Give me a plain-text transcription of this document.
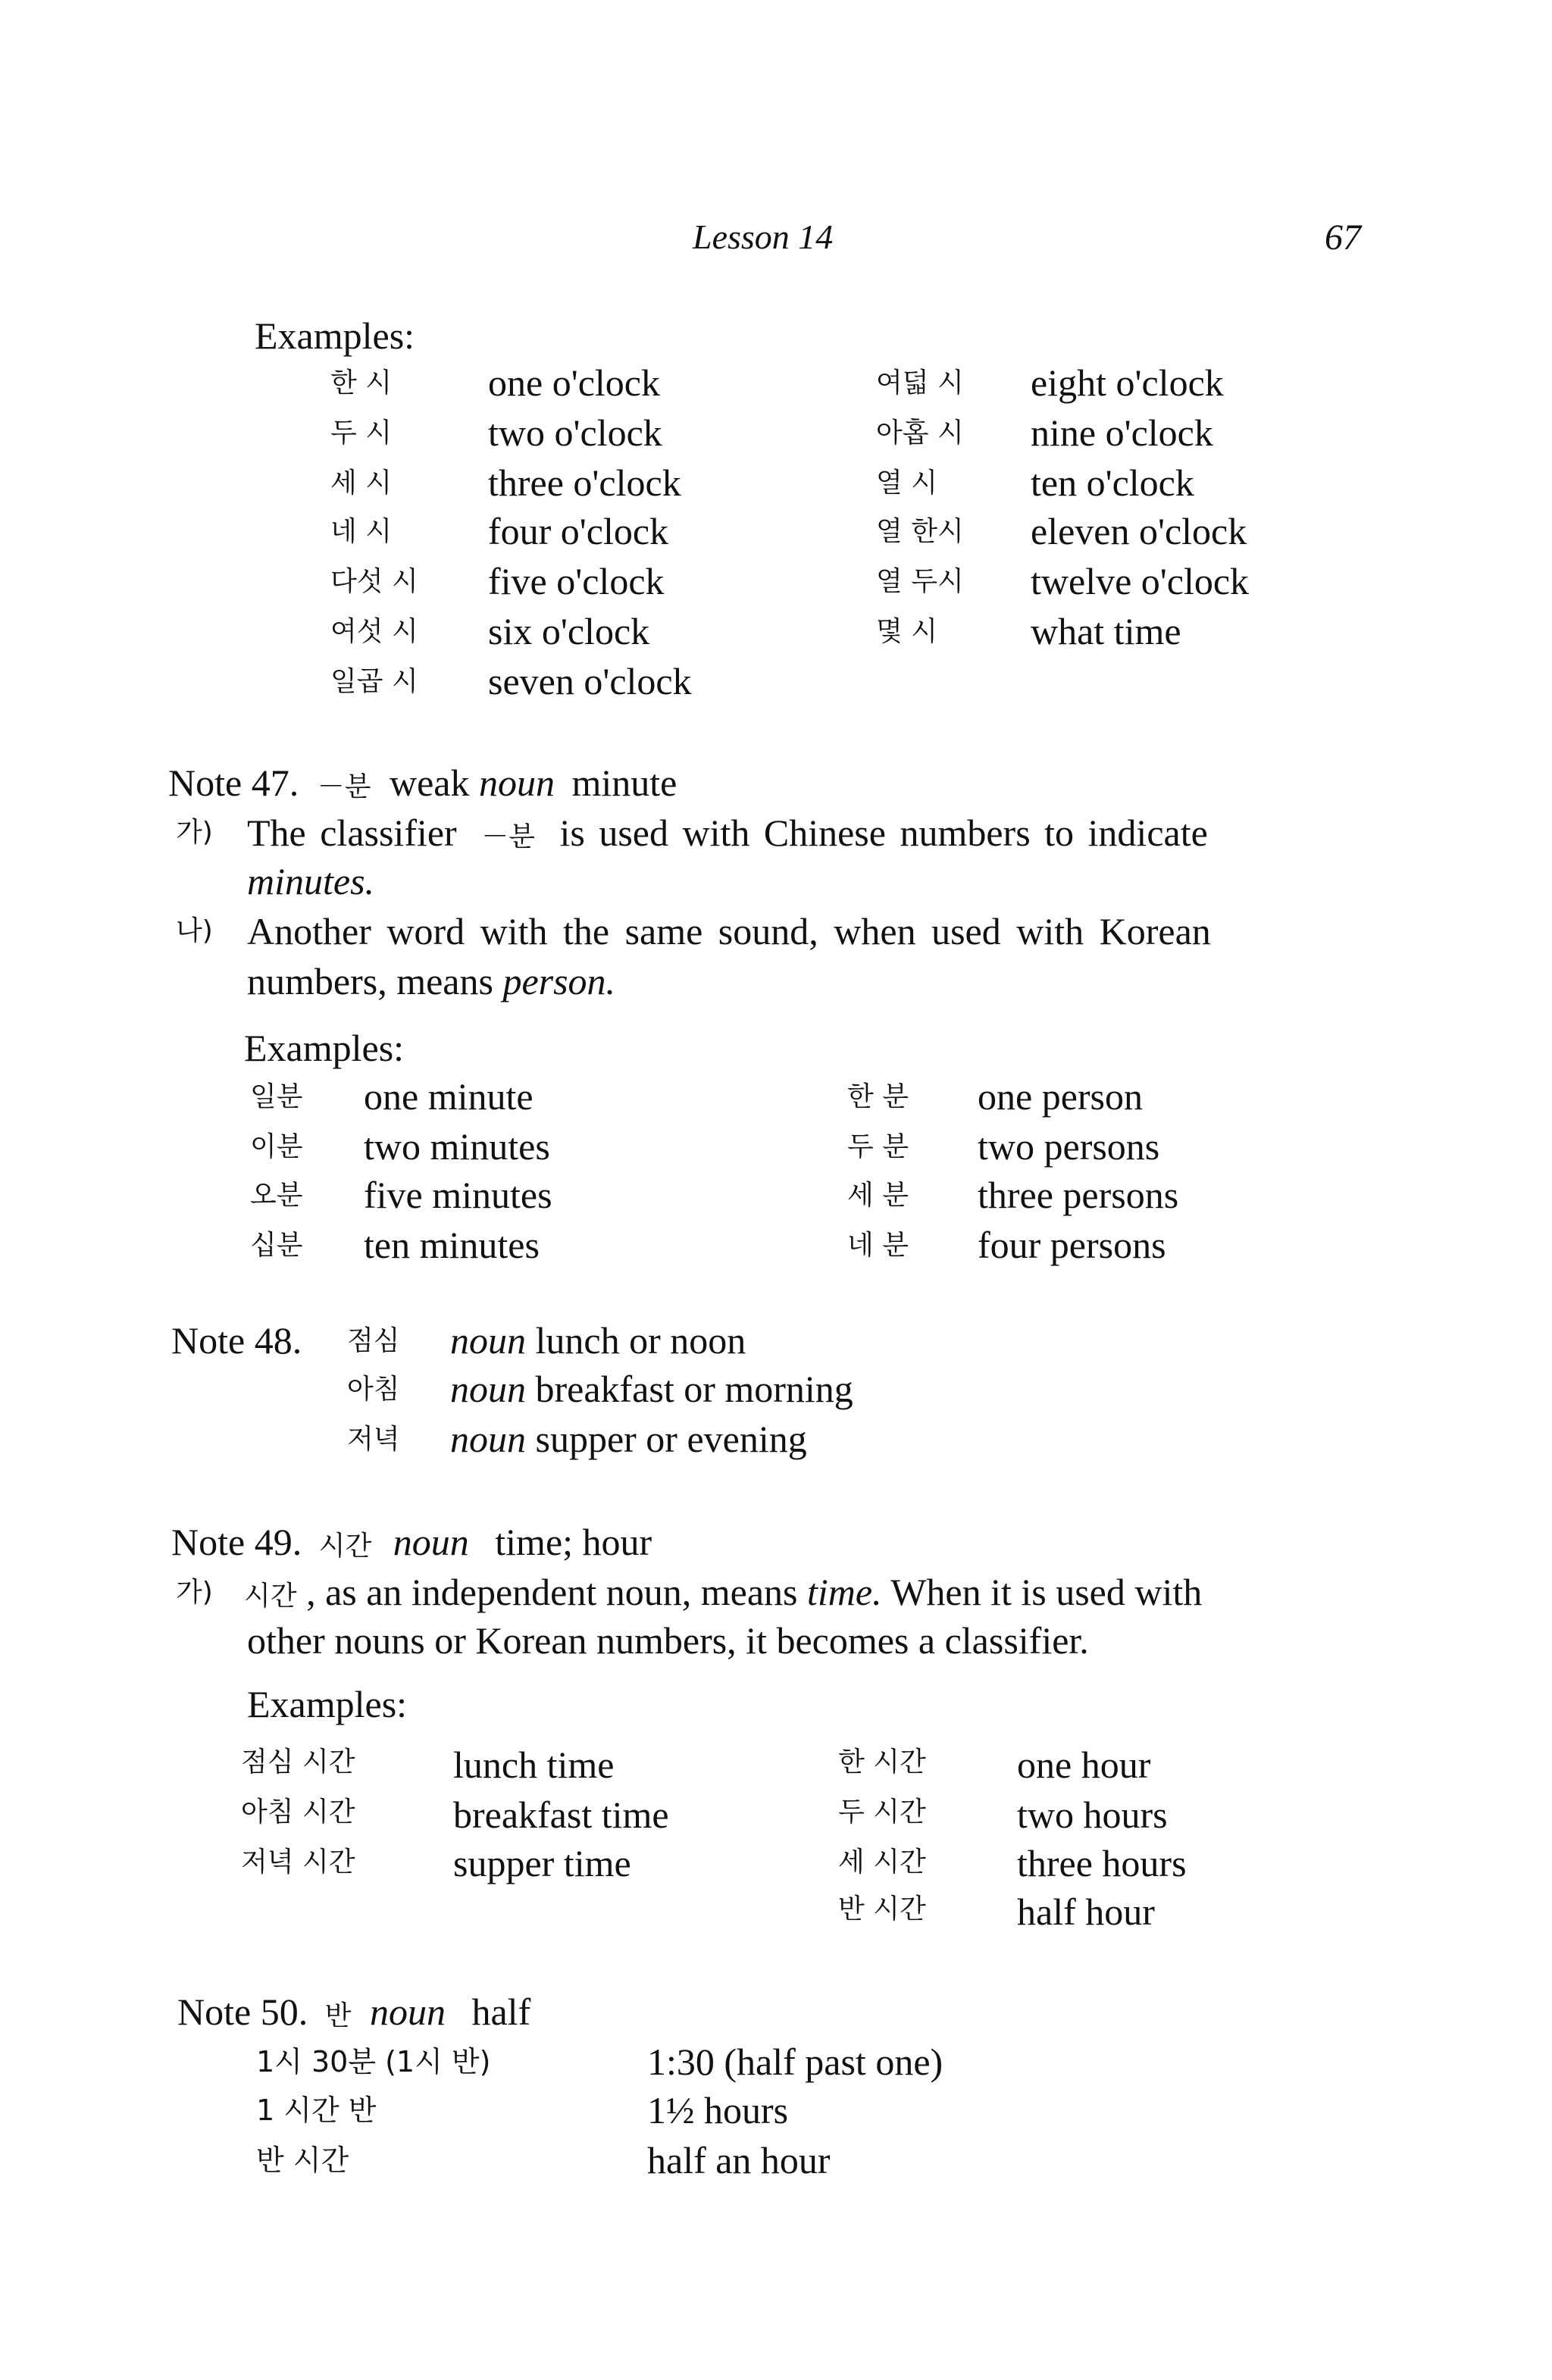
Lesson 14	67
Examples:
한 시	one o'clock
두 시	two o'clock
세 시	three o'clock
네 시	four o'clock
다섯 시 five o'clock
여섯 시 six o'clock
일곱 시 seven o'clock
여덟 시 eight o'clock
아홉 시 nine o'clock
열 시 ten o'clock
열 한시 eleven o'clock
열 두시 twelve o'clock
몇 시 what time
Note 47. －분 weak noun minute
가) The classifier －분 is used with Chinese numbers to indicate
minutes.
나) Another word with the same sound, when used with Korean
numbers, means person.
Examples:
일분 one minute
이분 two minutes
오분 five minutes
십분 ten minutes
한 분 one person
두 분 two persons
세 분 three persons
네 분 four persons
Note 48. 점심 noun lunch or noon
아침 noun breakfast or morning
저녁 noun supper or evening
Note 49. 시간 noun time; hour
가) 시간 , as an independent noun, means time. When it is used with
other nouns or Korean numbers, it becomes a classifier.
Examples:
점심 시간	lunch time
아침 시간	breakfast time
저녁 시간	supper time
한 시간 one hour
두 시간 two hours
세 시간 three hours
반 시간 half hour
Note 50. 반 noun half
1시 30분 (1시 반)	1:30 (half past one)
1 시간 반	1½ hours
반 시간	half an hour
